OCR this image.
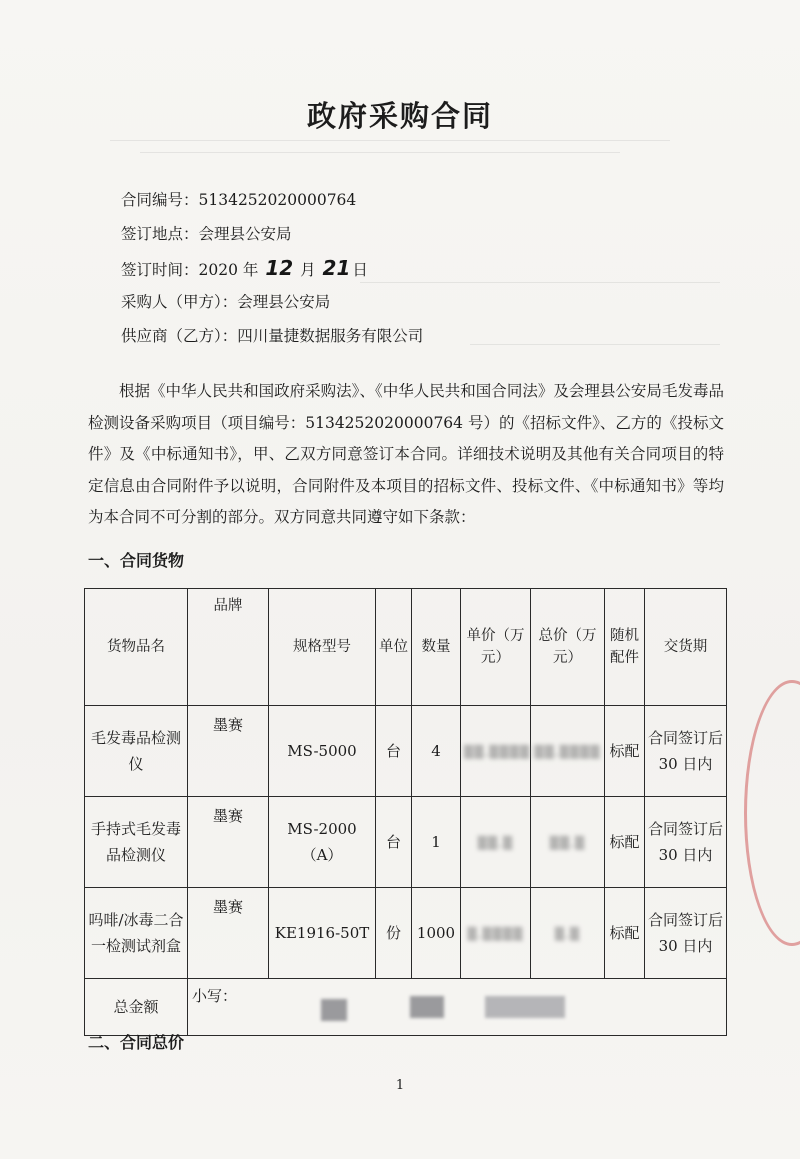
政府采购合同
合同编号：5134252020000764
签订地点：会理县公安局
签订时间：2020 年 12 月 21 日
采购人（甲方）：会理县公安局
供应商（乙方）：四川量捷数据服务有限公司
根据《中华人民共和国政府采购法》、《中华人民共和国合同法》及会理县公安局毛发毒品检测设备采购项目（项目编号：5134252020000764 号）的《招标文件》、乙方的《投标文件》及《中标通知书》，甲、乙双方同意签订本合同。详细技术说明及其他有关合同项目的特定信息由合同附件予以说明，合同附件及本项目的招标文件、投标文件、《中标通知书》等均为本合同不可分割的部分。双方同意共同遵守如下条款：
一、合同货物
货物品名	品牌	规格型号	单位	数量	单价（万元）	总价（万元）	随机配件	交货期
毛发毒品检测仪	墨赛	MS-5000	台	4	▒▒.▒▒▒▒	▒▒.▒▒▒▒	标配	合同签订后 30 日内
手持式毛发毒品检测仪	墨赛	MS-2000（A）	台	1	▒▒.▒	▒▒.▒	标配	合同签订后 30 日内
吗啡/冰毒二合一检测试剂盒	墨赛	KE1916-50T	份	1000	▒.▒▒▒▒	▒.▒	标配	合同签订后 30 日内
总金额	小写：							

二、合同总价
1
